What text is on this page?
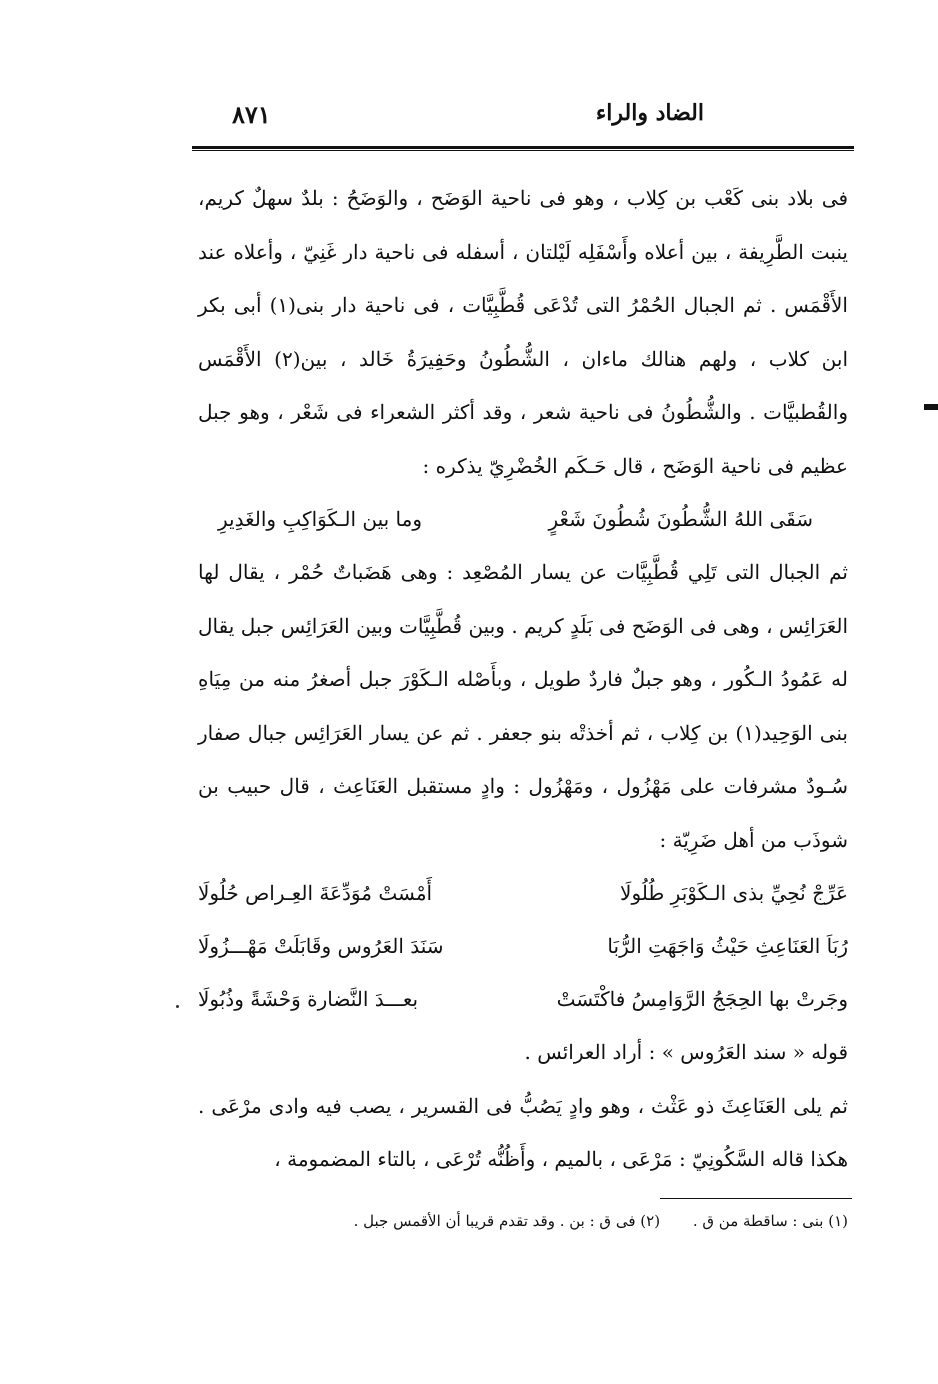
الضاد والراء
٨٧١

فى بلاد بنى كَعْب بن كِلاب ، وهو فى ناحية الوَضَح ، والوَضَحُ : بلدٌ سهلٌ كريم، ينبت الطَّرِيفة ، بين أعلاه وأَسْفَلِه لَيْلتان ، أسفله فى ناحية دار غَنِيّ ، وأعلاه عند الأَقْمَس . ثم الجبال الحُمْرُ التى تُدْعَى قُطَّبِيَّات ، فى ناحية دار بنى(١) أبى بكر ابن كلاب ، ولهم هنالك ماءان ، الشُّطُونُ وحَفِيرَةُ خَالد ، بين(٢) الأَقْمَس والقُطبيَّات . والشُّطُونُ فى ناحية شعر ، وقد أكثر الشعراء فى شَعْر ، وهو جبل عظيم فى ناحية الوَضَح ، قال حَـكَم الخُضْرِيّ يذكره :

سَقَى اللهُ الشُّطُونَ شُطُونَ شَعْرٍ
وما بين الـكَوَاكِبِ والغَدِيرِ

ثم الجبال التى تَلِي قُطَّبِيَّات عن يسار المُصْعِد : وهى هَضَباتٌ حُمْر ، يقال لها العَرَائِس ، وهى فى الوَضَح فى بَلَدٍ كريم . وبين قُطَّبِيَّات وبين العَرَائِس جبل يقال له عَمُودُ الـكُور ، وهو جبلٌ فاردٌ طويل ، وبأَصْله الـكَوْرَ جبل أصغرُ منه من مِيَاهِ بنى الوَحِيد(١) بن كِلاب ، ثم أخذتْه بنو جعفر . ثم عن يسار العَرَائِس جبال صفار سُـودٌ مشرفات على مَهْزُول ، ومَهْزُول : وادٍ مستقبل العَنَاعِث ، قال حبيب بن شوذَب من أهل ضَرِيّة :

عَرِّجْ نُحِيِّ بذى الـكَوْبَرِ طُلُولَا
أَمْسَتْ مُوَدِّعَةَ العِـراص حُلُولَا
رُبَاَ العَنَاعِثِ حَيْثُ وَاجَهَتِ الرُّبَا
سَنَدَ العَرُوس وقَابَلَتْ مَهْـــزُولَا
وجَرتْ بها الحِجَجُ الرَّوَامِسُ فاكْتَسَتْ
بعـــدَ النَّضارة وَحْشَةً وذُبُولَا

قوله « سند العَرُوس » : أراد العرائس .

ثم يلى العَنَاعِثَ ذو عَثْث ، وهو وادٍ يَصُبُّ فى القسرير ، يصب فيه وادى مرْعَى . هكذا قاله السَّكُونِيّ : مَرْعَى ، بالميم ، وأَظُنُّه تُرْعَى ، بالتاء المضمومة ،

(١) بنى : ساقطة من ق . (٢) فى ق : بن . وقد تقدم قريبا أن الأقمس جبل .
